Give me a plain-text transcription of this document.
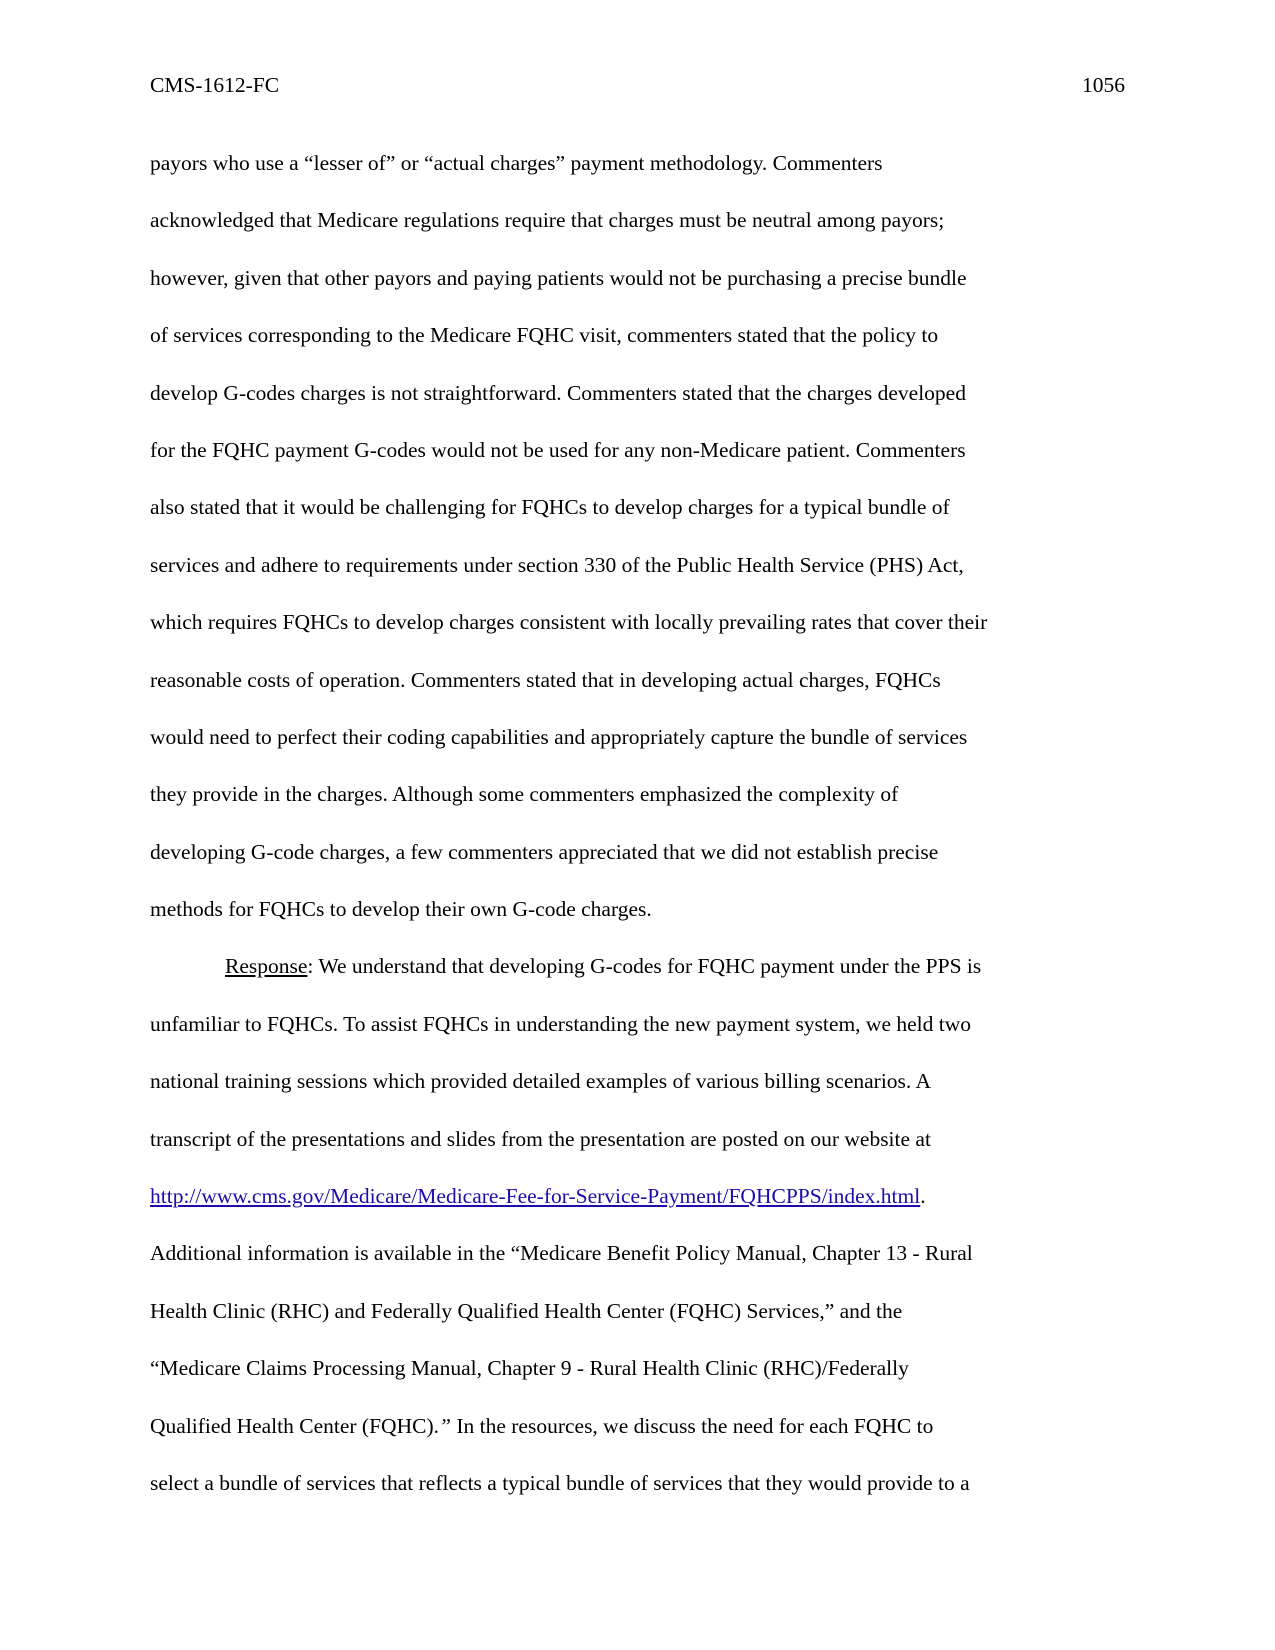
CMS-1612-FC	1056
payors who use a “lesser of” or “actual charges” payment methodology. Commenters
acknowledged that Medicare regulations require that charges must be neutral among payors;
however, given that other payors and paying patients would not be purchasing a precise bundle
of services corresponding to the Medicare FQHC visit, commenters stated that the policy to
develop G-codes charges is not straightforward. Commenters stated that the charges developed
for the FQHC payment G-codes would not be used for any non-Medicare patient. Commenters
also stated that it would be challenging for FQHCs to develop charges for a typical bundle of
services and adhere to requirements under section 330 of the Public Health Service (PHS) Act,
which requires FQHCs to develop charges consistent with locally prevailing rates that cover their
reasonable costs of operation. Commenters stated that in developing actual charges, FQHCs
would need to perfect their coding capabilities and appropriately capture the bundle of services
they provide in the charges. Although some commenters emphasized the complexity of
developing G-code charges, a few commenters appreciated that we did not establish precise
methods for FQHCs to develop their own G-code charges.
Response: We understand that developing G-codes for FQHC payment under the PPS is
unfamiliar to FQHCs. To assist FQHCs in understanding the new payment system, we held two
national training sessions which provided detailed examples of various billing scenarios. A
transcript of the presentations and slides from the presentation are posted on our website at
http://www.cms.gov/Medicare/Medicare-Fee-for-Service-Payment/FQHCPPS/index.html.
Additional information is available in the “Medicare Benefit Policy Manual, Chapter 13 - Rural
Health Clinic (RHC) and Federally Qualified Health Center (FQHC) Services,” and the
“Medicare Claims Processing Manual, Chapter 9 - Rural Health Clinic (RHC)/Federally
Qualified Health Center (FQHC).” In the resources, we discuss the need for each FQHC to
select a bundle of services that reflects a typical bundle of services that they would provide to a
